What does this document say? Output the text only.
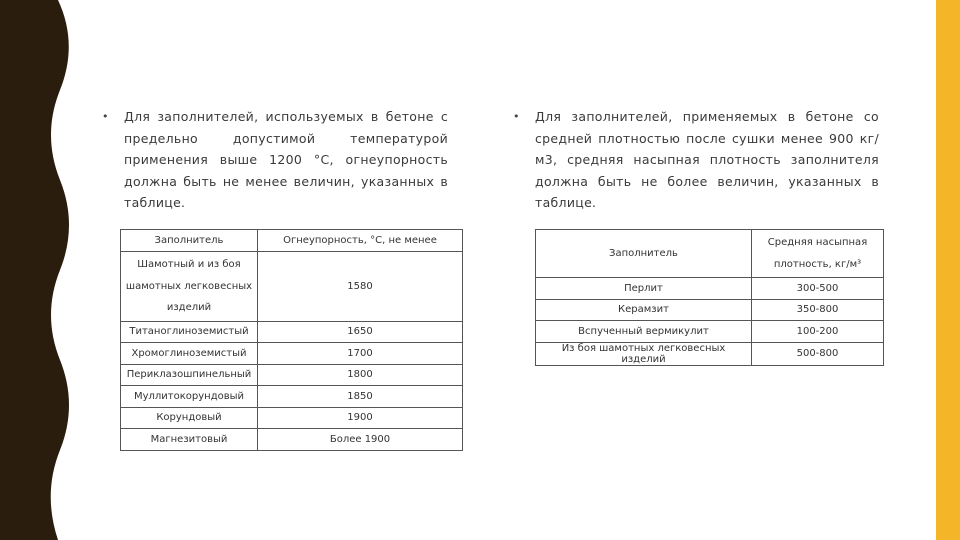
•	Для заполнителей, используемых в бетоне с предельно допустимой температурой применения выше 1200 °С, огнеупорность должна быть не менее величин, указанных в таблице.
Заполнитель	Огнеупорность, °С, не менее
Шамотный и из боя шамотных легковесных изделий	1580
Титаноглиноземистый	1650
Хромоглиноземистый	1700
Периклазошпинельный	1800
Муллитокорундовый	1850
Корундовый	1900
Магнезитовый	Более 1900
•	Для заполнителей, применяемых в бетоне со средней плотностью после сушки менее 900 кг/м3, средняя насыпная плотность заполнителя должна быть не более величин, указанных в таблице.
Заполнитель	Средняя насыпная плотность, кг/м³
Перлит	300-500
Керамзит	350-800
Вспученный вермикулит	100-200
Из боя шамотных легковесных изделий	500-800
